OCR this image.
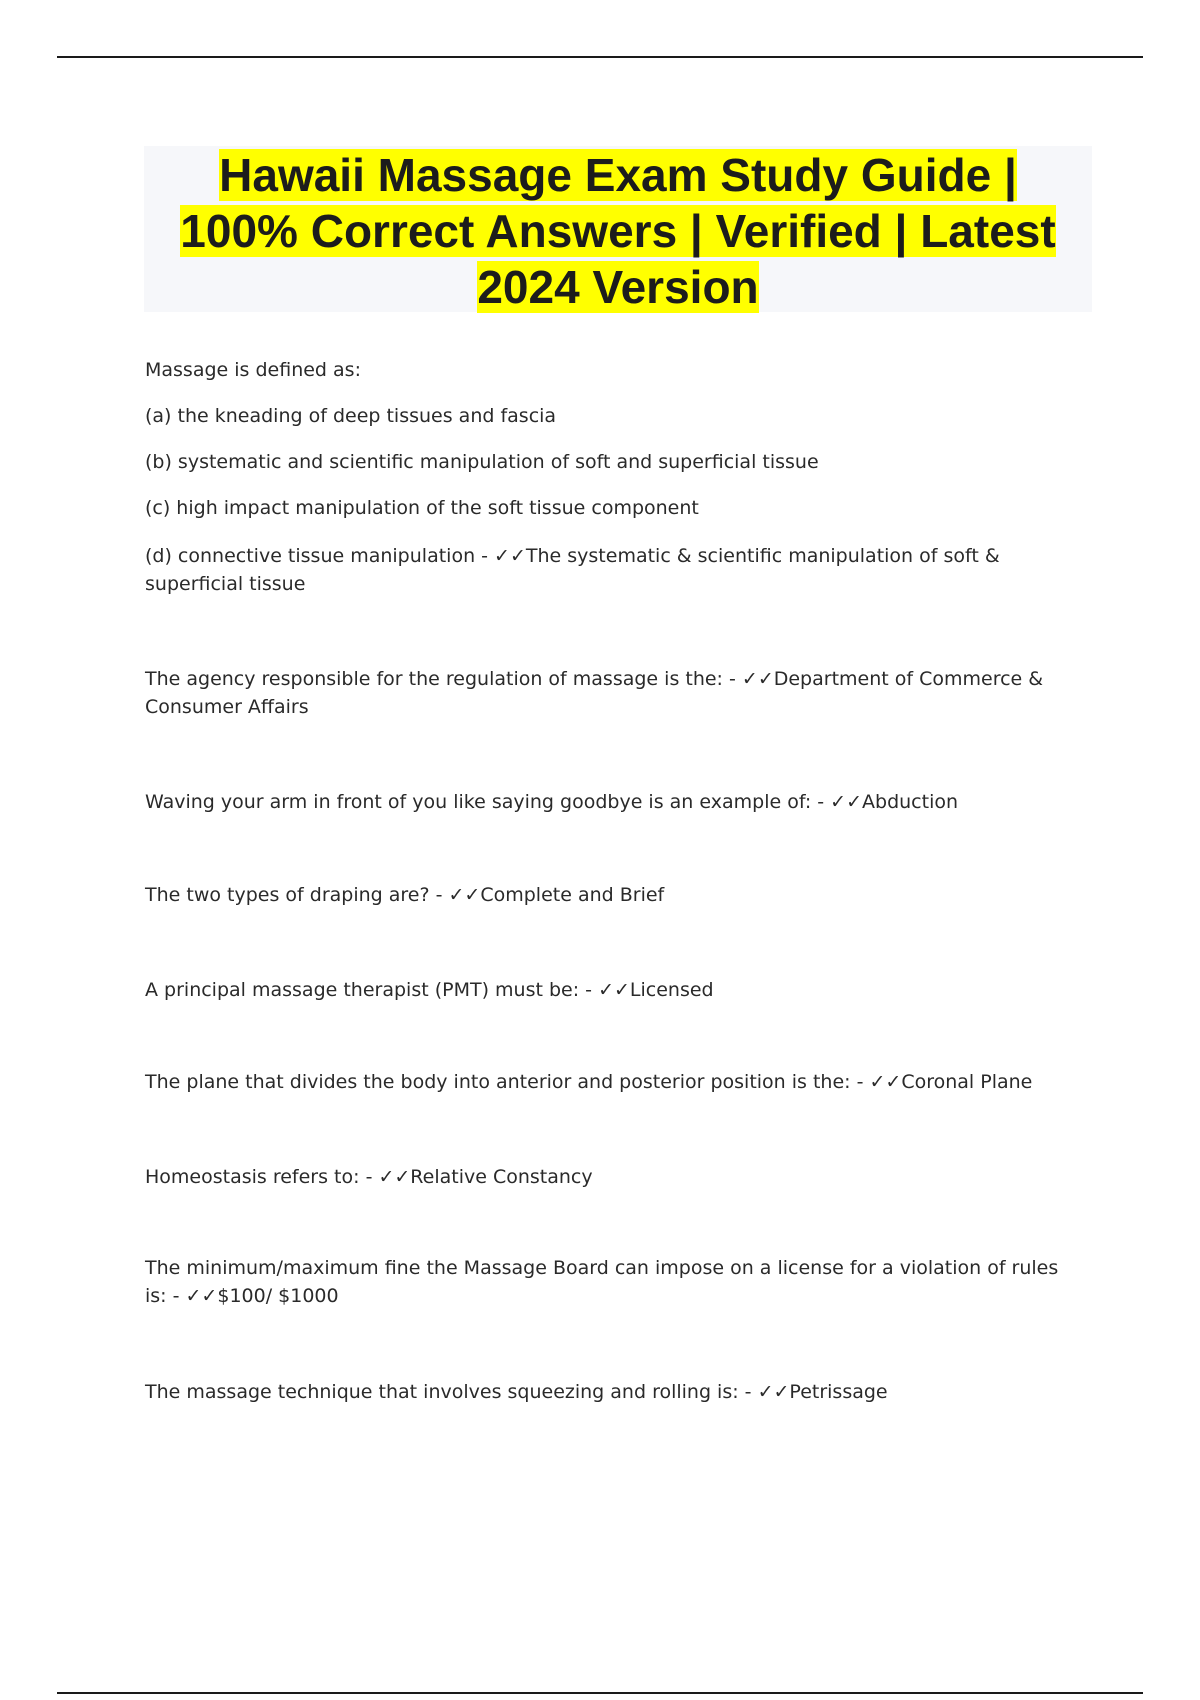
Hawaii Massage Exam Study Guide |
100% Correct Answers | Verified | Latest
2024 Version

Massage is defined as:

(a) the kneading of deep tissues and fascia

(b) systematic and scientific manipulation of soft and superficial tissue

(c) high impact manipulation of the soft tissue component

(d) connective tissue manipulation - ✓✓The systematic & scientific manipulation of soft & superficial tissue

The agency responsible for the regulation of massage is the: - ✓✓Department of Commerce & Consumer Affairs

Waving your arm in front of you like saying goodbye is an example of: - ✓✓Abduction

The two types of draping are? - ✓✓Complete and Brief

A principal massage therapist (PMT) must be: - ✓✓Licensed

The plane that divides the body into anterior and posterior position is the: - ✓✓Coronal Plane

Homeostasis refers to: - ✓✓Relative Constancy

The minimum/maximum fine the Massage Board can impose on a license for a violation of rules is: - ✓✓$100/ $1000

The massage technique that involves squeezing and rolling is: - ✓✓Petrissage
